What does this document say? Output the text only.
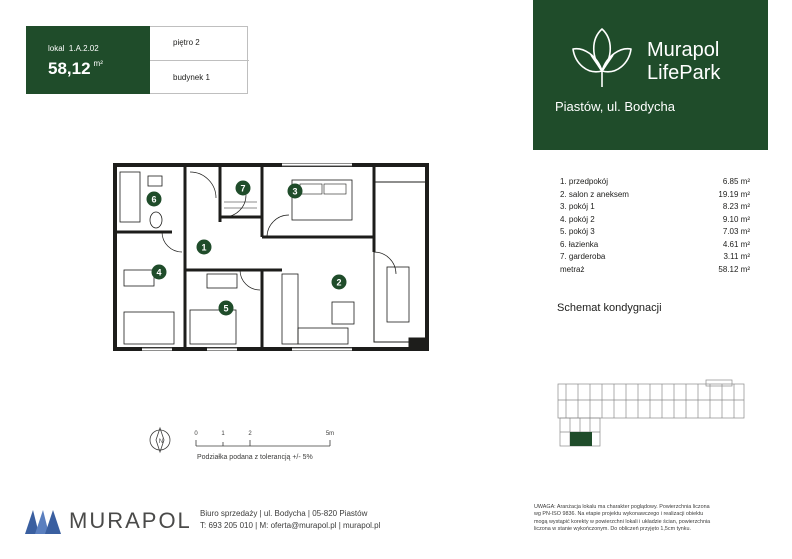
lokal 1.A.2.02
58,12 $^{m^2}$
piętro 2
budynek 1
Murapol
LifePark
Piastów, ul. Bodycha
1
2
3
4
5
6
7
1. przedpokój	6.85 m²
2. salon z aneksem	19.19 m²
3. pokój 1	8.23 m²
4. pokój 2	9.10 m²
5. pokój 3	7.03 m²
6. łazienka	4.61 m²
7. garderoba	3.11 m²
metraż	58.12 m²
Schemat kondygnacji
N
0	1	2	5m
Podziałka podana z tolerancją +/- 5%
MURAPOL Biuro sprzedaży | ul. Bodycha | 05-820 Piastów
T: 693 205 010 | M: oferta@murapol.pl | murapol.pl
UWAGA: Aranżacja lokalu ma charakter poglądowy. Powierzchnia liczona
wg PN-ISO 9836. Na etapie projektu wykonawczego i realizacji obiektu
mogą wystąpić korekty w powierzchni lokali i układzie ścian, powierzchnia
liczona w stanie wykończonym. Do obliczeń przyjęto 1,5cm tynku.
